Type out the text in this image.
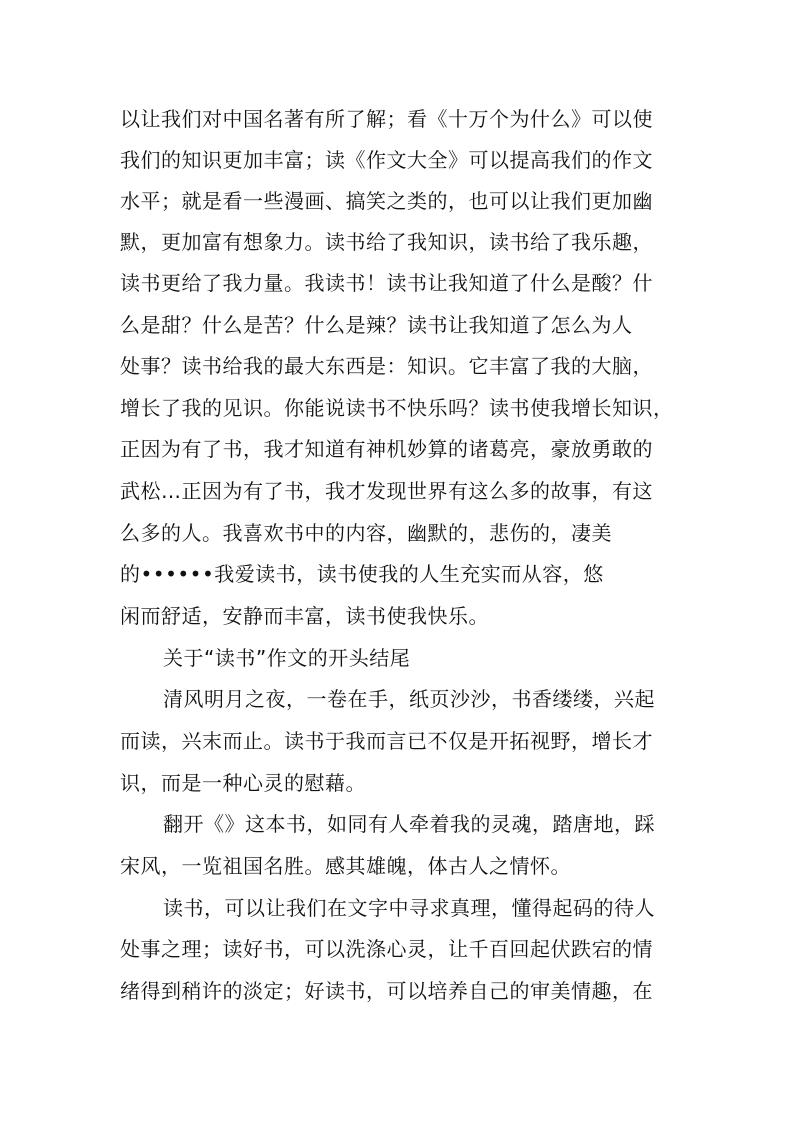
以让我们对中国名著有所了解；看《十万个为什么》可以使
我们的知识更加丰富；读《作文大全》可以提高我们的作文
水平；就是看一些漫画、搞笑之类的，也可以让我们更加幽
默，更加富有想象力。读书给了我知识，读书给了我乐趣，
读书更给了我力量。我读书！读书让我知道了什么是酸？什
么是甜？什么是苦？什么是辣？读书让我知道了怎么为人
处事？读书给我的最大东西是：知识。它丰富了我的大脑，
增长了我的见识。你能说读书不快乐吗？读书使我增长知识，
正因为有了书，我才知道有神机妙算的诸葛亮，豪放勇敢的
武松…正因为有了书，我才发现世界有这么多的故事，有这
么多的人。我喜欢书中的内容，幽默的，悲伤的，凄美
的••••••我爱读书，读书使我的人生充实而从容，悠
闲而舒适，安静而丰富，读书使我快乐。
关于“读书”作文的开头结尾
清风明月之夜，一卷在手，纸页沙沙，书香缕缕，兴起
而读，兴末而止。读书于我而言已不仅是开拓视野，增长才
识，而是一种心灵的慰藉。
翻开《》这本书，如同有人牵着我的灵魂，踏唐地，踩
宋风，一览祖国名胜。感其雄魄，体古人之情怀。
读书，可以让我们在文字中寻求真理，懂得起码的待人
处事之理；读好书，可以洗涤心灵，让千百回起伏跌宕的情
绪得到稍许的淡定；好读书，可以培养自己的审美情趣，在
